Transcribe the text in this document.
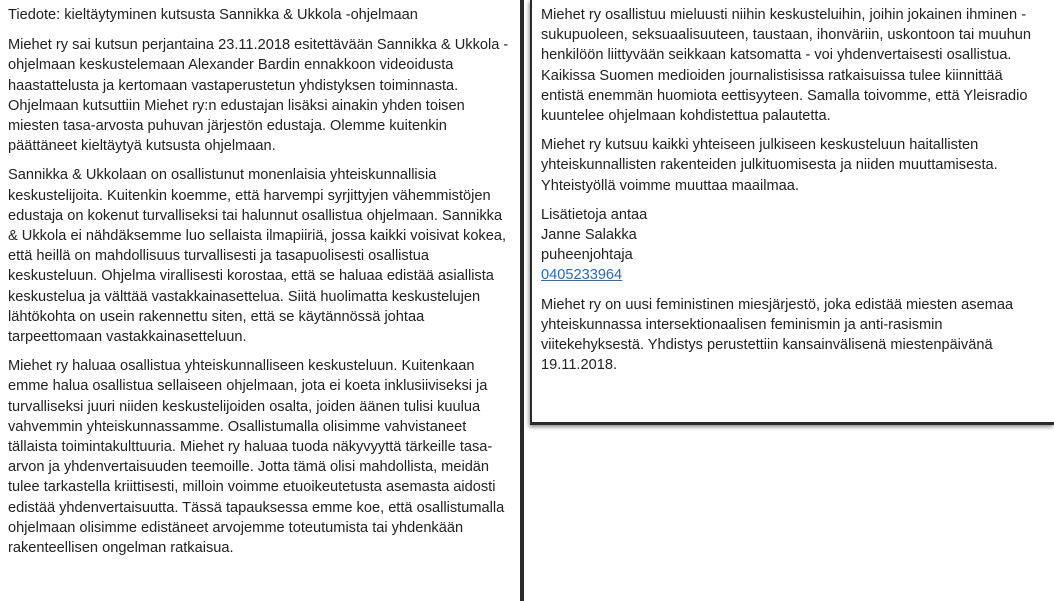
Tiedote: kieltäytyminen kutsusta Sannikka & Ukkola -ohjelmaan

Miehet ry sai kutsun perjantaina 23.11.2018 esitettävään Sannikka & Ukkola -ohjelmaan keskustelemaan Alexander Bardin ennakkoon videoidusta haastattelusta ja kertomaan vastaperustetun yhdistyksen toiminnasta. Ohjelmaan kutsuttiin Miehet ry:n edustajan lisäksi ainakin yhden toisen miesten tasa-arvosta puhuvan järjestön edustaja. Olemme kuitenkin päättäneet kieltäytyä kutsusta ohjelmaan.

Sannikka & Ukkolaan on osallistunut monenlaisia yhteiskunnallisia keskustelijoita. Kuitenkin koemme, että harvempi syrjittyjen vähemmistöjen edustaja on kokenut turvalliseksi tai halunnut osallistua ohjelmaan. Sannikka & Ukkola ei nähdäksemme luo sellaista ilmapiiriä, jossa kaikki voisivat kokea, että heillä on mahdollisuus turvallisesti ja tasapuolisesti osallistua keskusteluun. Ohjelma virallisesti korostaa, että se haluaa edistää asiallista keskustelua ja välttää vastakkainasettelua. Siitä huolimatta keskustelujen lähtökohta on usein rakennettu siten, että se käytännössä johtaa tarpeettomaan vastakkainasetteluun.

Miehet ry haluaa osallistua yhteiskunnalliseen keskusteluun. Kuitenkaan emme halua osallistua sellaiseen ohjelmaan, jota ei koeta inklusiiviseksi ja turvalliseksi juuri niiden keskustelijoiden osalta, joiden äänen tulisi kuulua vahvemmin yhteiskunnassamme. Osallistumalla olisimme vahvistaneet tällaista toimintakulttuuria. Miehet ry haluaa tuoda näkyvyyttä tärkeille tasa-arvon ja yhdenvertaisuuden teemoille. Jotta tämä olisi mahdollista, meidän tulee tarkastella kriittisesti, milloin voimme etuoikeutetusta asemasta aidosti edistää yhdenvertaisuutta. Tässä tapauksessa emme koe, että osallistumalla ohjelmaan olisimme edistäneet arvojemme toteutumista tai yhdenkään rakenteellisen ongelman ratkaisua.

Miehet ry osallistuu mieluusti niihin keskusteluihin, joihin jokainen ihminen - sukupuoleen, seksuaalisuuteen, taustaan, ihonväriin, uskontoon tai muuhun henkilöön liittyvään seikkaan katsomatta - voi yhdenvertaisesti osallistua. Kaikissa Suomen medioiden journalistisissa ratkaisuissa tulee kiinnittää entistä enemmän huomiota eettisyyteen. Samalla toivomme, että Yleisradio kuuntelee ohjelmaan kohdistettua palautetta.

Miehet ry kutsuu kaikki yhteiseen julkiseen keskusteluun haitallisten yhteiskunnallisten rakenteiden julkituomisesta ja niiden muuttamisesta. Yhteistyöllä voimme muuttaa maailmaa.

Lisätietoja antaa
Janne Salakka
puheenjohtaja
0405233964

Miehet ry on uusi feministinen miesjärjestö, joka edistää miesten asemaa yhteiskunnassa intersektionaalisen feminismin ja anti-rasismin viitekehyksestä. Yhdistys perustettiin kansainvälisenä miestenpäivänä 19.11.2018.
